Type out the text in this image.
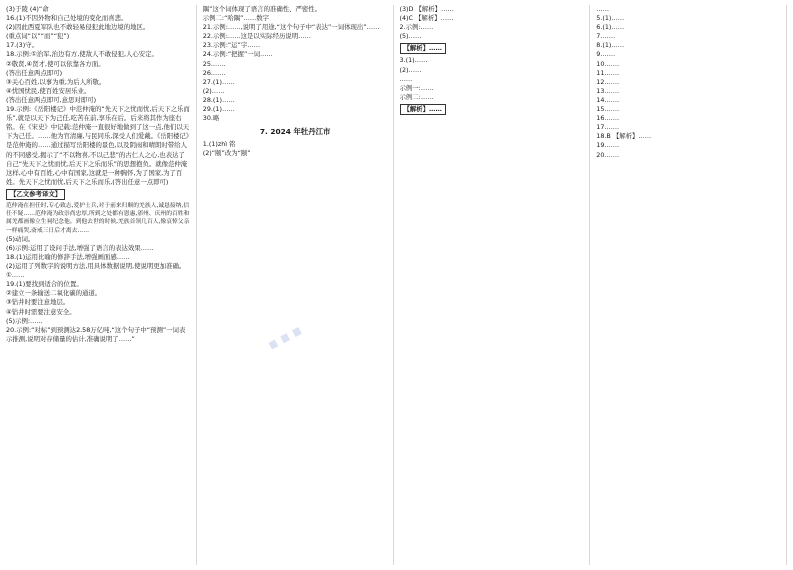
(3)于陵 (4)“命
16.(1)不因外物和自己处境的变化而喜悲。
(2)因此西夏军队也不敢轻易侵犯此地边境的地区。
(重点词“以”“而”“犯”)
17.(3)守。
18.示例:①治军,治边有方,使敌人不敢侵犯,人心安定。
②敬贤,④贤才,使可以依靠各方面。
(答出任意两点即可)
③关心百姓,以事为重,为后人所敬。
④忧国忧民,使百姓安居乐业。
(答出任意两点即可,意思对即可)
19.示例:《岳阳楼记》中范仲淹的“先天下之忧而忧,后天下之乐而乐”,就是以天下为己任,吃苦在前,享乐在后。后来将其作为座右铭。在《宋史》中记载:范仲淹一直很好地做到了这一点,他们以天下为己任。……他为官清廉,与民同乐,深受人们爱戴。《岳阳楼记》是范仲淹的……通过描写岳阳楼的景色,以及阴雨和晴朗时带给人的不同感受,揭示了“不以物喜,不以己悲”的古仁人之心,也表达了自己“先天下之忧而忧,后天下之乐而乐”的思想抱负。就像范仲淹这样,心中有百姓,心中有国家,这就是一种胸怀,为了国家,为了百姓。先天下之忧而忧,后天下之乐而乐,(答出任意一点即可)
【乙文参考译文】

范仲淹在担任时,专心致志,爱护士兵,对于前来归顺的羌族人,诚恳接纳,信任不疑……范仲淹为政崇尚忠厚,所到之处都有恩惠,邠州、庆州的百姓和属羌都画像立生祠纪念他。到他去世的时候,羌族首领几百人,像哀悼父亲一样痛哭,斋戒三日后才离去……
(5)动词。
(6)示例:运用了设问手法,增强了语言的表达效果……
18.(1)运用比喻的修辞手法,增强画面感……
(2)运用了列数字的说明方法,用具体数据说明,使说明更加准确。
①……
19.(1)要找到适合的位置。
②建立一条输送二氧化碳的通道。
③钻井时要注意地层。
④钻井时需要注意安全。
(5)示例:……
20.示例:“对标”到预测达2.58万亿吨,“这个句子中“预测”一词表示推测,说明对存储量的估计,准确说明了……”
隅”这个词体现了语言的准确性、严密性。
示例二:“哈隅”……数字
21.示例:……,说明了用途,“这个句子中“表达”一词体现出”……
22.示例:……这是以实际经历说明……
23.示例:“运”字……
24.示例:“把握”一词……
25.……
26.……
27.(1)……
(2)……
28.(1)……
29.(1)……
30.略
7. 2024 年牡丹江市
1.(1)zhì 铭
(2)“颐”改为“颐”
(3)D 【解析】……
(4)C 【解析】……
2.示例:……
(5)……
【解析】……

3.(1)……
(2)……
……
示例一:……
示例二:……
【解析】……

……
5.(1)……
6.(1)……
7.……
8.(1)……
9.……
10.……
11.……
12.……
13.……
14.……
15.……
16.……
17.……
18.B 【解析】……
19.……
20.……
…
